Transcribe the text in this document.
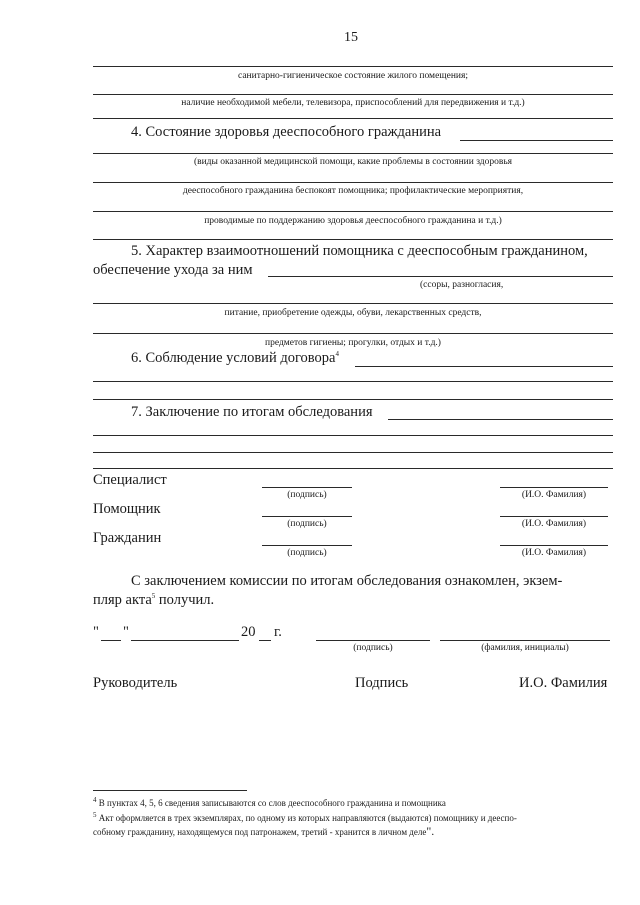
15
санитарно-гигиеническое состояние жилого помещения;
наличие необходимой мебели, телевизора, приспособлений для передвижения и т.д.)
4. Состояние здоровья дееспособного гражданина
(виды оказанной медицинской помощи, какие проблемы в состоянии здоровья
дееспособного гражданина беспокоят помощника; профилактические мероприятия,
проводимые по поддержанию здоровья дееспособного гражданина и т.д.)
5. Характер взаимоотношений помощника с дееспособным гражданином,
обеспечение ухода за ним
(ссоры, разногласия,
питание, приобретение одежды, обуви, лекарственных средств,
предметов гигиены; прогулки, отдых и т.д.)
6. Соблюдение условий договора$^4$
7. Заключение по итогам обследования
Специалист
(подпись)	(И.О. Фамилия)
Помощник
(подпись)	(И.О. Фамилия)
Гражданин
(подпись)	(И.О. Фамилия)
С заключением комиссии по итогам обследования ознакомлен, экзем-
пляр акта$^5$ получил.
" "	20 г.
(подпись)	(фамилия, инициалы)
Руководитель	Подпись	И.О. Фамилия
$^4$ В пунктах 4, 5, 6 сведения записываются со слов дееспособного гражданина и помощника
$^5$ Акт оформляется в трех экземплярах, по одному из которых направляются (выдаются) помощнику и дееспо-
собному гражданину, находящемуся под патронажем, третий - хранится в личном деле".
